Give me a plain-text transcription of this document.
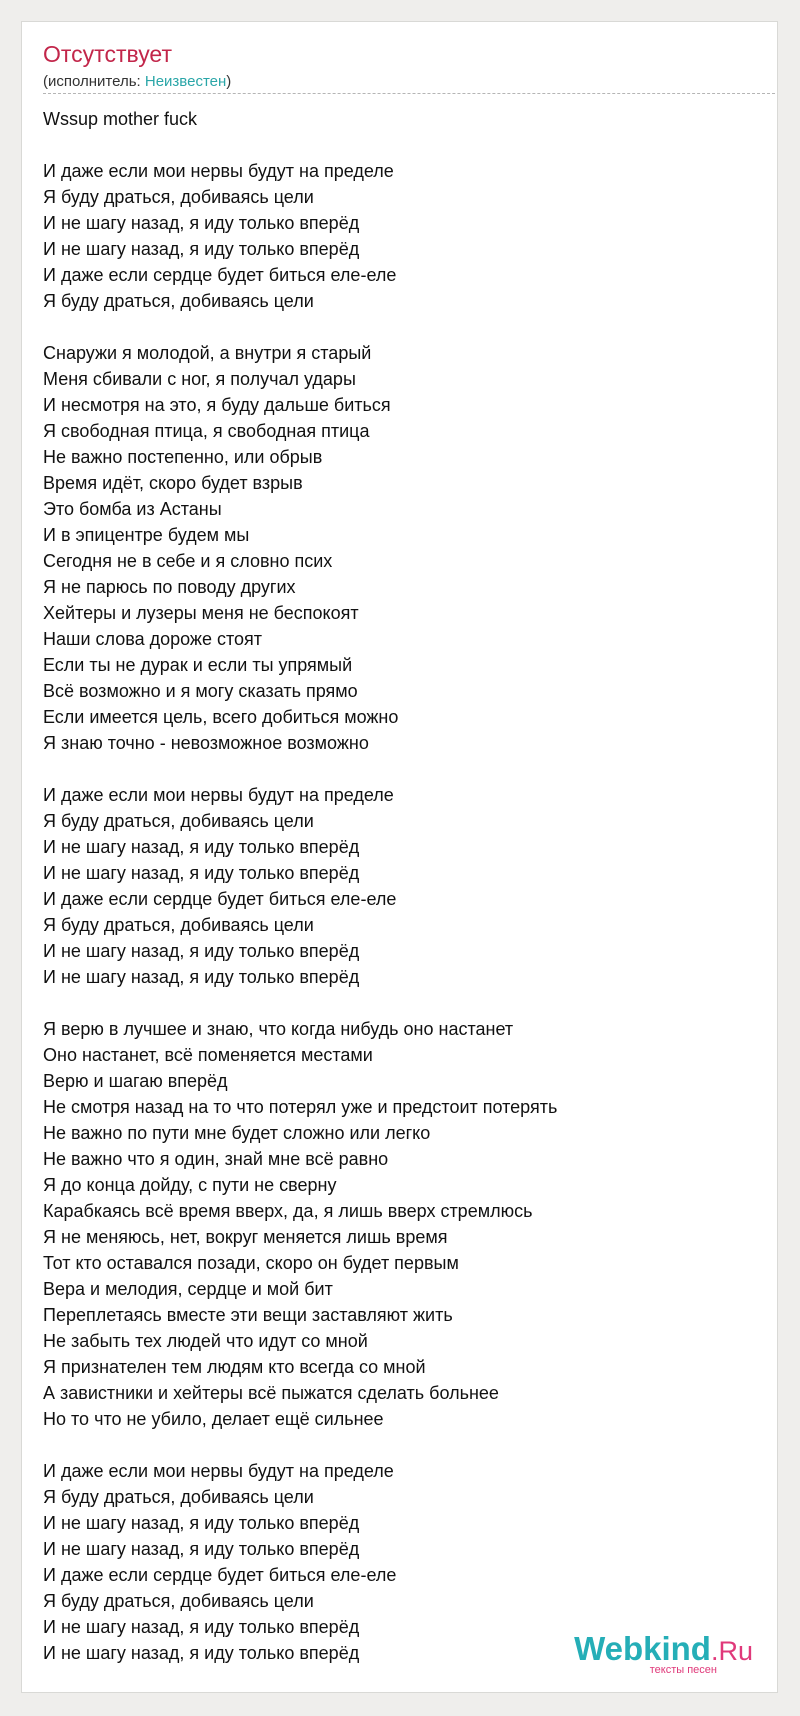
Отсутствует
(исполнитель: Неизвестен)
Wssup mother fuck
И даже если мои нервы будут на пределе
Я буду драться, добиваясь цели
И не шагу назад, я иду только вперёд
И не шагу назад, я иду только вперёд
И даже если сердце будет биться еле-еле
Я буду драться, добиваясь цели
Снаружи я молодой, а внутри я старый
Меня сбивали с ног, я получал удары
И несмотря на это, я буду дальше биться
Я свободная птица, я свободная птица
Не важно постепенно, или обрыв
Время идёт, скоро будет взрыв
Это бомба из Астаны
И в эпицентре будем мы
Сегодня не в себе и я словно псих
Я не парюсь по поводу других
Хейтеры и лузеры меня не беспокоят
Наши слова дороже стоят
Если ты не дурак и если ты упрямый
Всё возможно и я могу сказать прямо
Если имеется цель, всего добиться можно
Я знаю точно - невозможное возможно
И даже если мои нервы будут на пределе
Я буду драться, добиваясь цели
И не шагу назад, я иду только вперёд
И не шагу назад, я иду только вперёд
И даже если сердце будет биться еле-еле
Я буду драться, добиваясь цели
И не шагу назад, я иду только вперёд
И не шагу назад, я иду только вперёд
Я верю в лучшее и знаю, что когда нибудь оно настанет
Оно настанет, всё поменяется местами
Верю и шагаю вперёд
Не смотря назад на то что потерял уже и предстоит потерять
Не важно по пути мне будет сложно или легко
Не важно что я один, знай мне всё равно
Я до конца дойду, с пути не сверну
Карабкаясь всё время вверх, да, я лишь вверх стремлюсь
Я не меняюсь, нет, вокруг меняется лишь время
Тот кто оставался позади, скоро он будет первым
Вера и мелодия, сердце и мой бит
Переплетаясь вместе эти вещи заставляют жить
Не забыть тех людей что идут со мной
Я признателен тем людям кто всегда со мной
А завистники и хейтеры всё пыжатся сделать больнее
Но то что не убило, делает ещё сильнее
И даже если мои нервы будут на пределе
Я буду драться, добиваясь цели
И не шагу назад, я иду только вперёд
И не шагу назад, я иду только вперёд
И даже если сердце будет биться еле-еле
Я буду драться, добиваясь цели
И не шагу назад, я иду только вперёд
И не шагу назад, я иду только вперёд	Webkind.Ru
тексты песен
